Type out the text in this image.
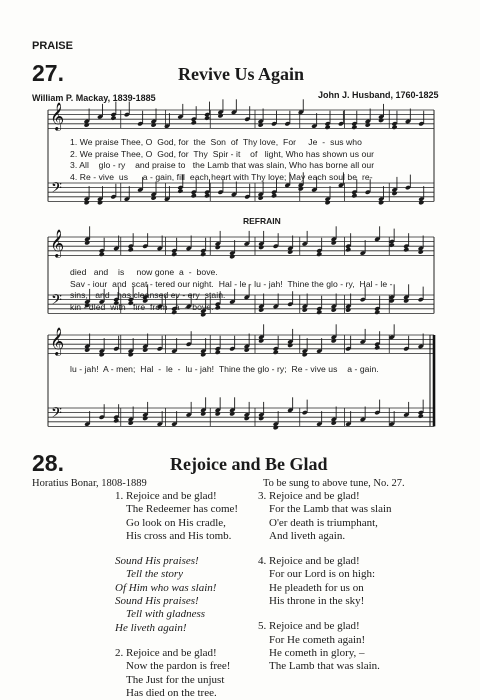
PRAISE
27.	Revive Us Again
William P. Mackay, 1839-1885	John J. Husband, 1760-1825
𝄞
𝄢
𝄞
𝄢
𝄞
𝄢
REFRAIN
1. We praise Thee, O  God, for  the  Son  of  Thy love,  For     Je  -  sus who
2. We praise Thee, O  God, for  Thy  Spir - it    of   light, Who has shown us our
3. All    glo - ry    and praise to   the Lamb that was slain, Who has borne all our
4. Re - vive  us      a - gain, fill  each heart with Thy love; May each soul be  re-
died   and    is     now gone  a  -  bove.
Sav - iour  and  scat - tered our night.  Hal - le - lu - jah!  Thine the glo - ry,  Hal - le -
sins,   and   has cleansed ev - ery  stain.
kin - dled  with   fire  from   a  -  bove.
lu - jah!  A - men;  Hal  -  le  -  lu - jah!  Thine the glo - ry;  Re - vive us    a - gain.
28.	Rejoice and Be Glad
Horatius Bonar, 1808-1889	To be sung to above tune, No. 27.
1. Rejoice and be glad!
The Redeemer has come!
Go look on His cradle,
His cross and His tomb.
Sound His praises!
Tell the story
Of Him who was slain!
Sound His praises!
Tell with gladness
He liveth again!
2. Rejoice and be glad!
Now the pardon is free!
The Just for the unjust
Has died on the tree.
3. Rejoice and be glad!
For the Lamb that was slain
O'er death is triumphant,
And liveth again.
4. Rejoice and be glad!
For our Lord is on high:
He pleadeth for us on
His throne in the sky!
5. Rejoice and be glad!
For He cometh again!
He cometh in glory, –
The Lamb that was slain.
